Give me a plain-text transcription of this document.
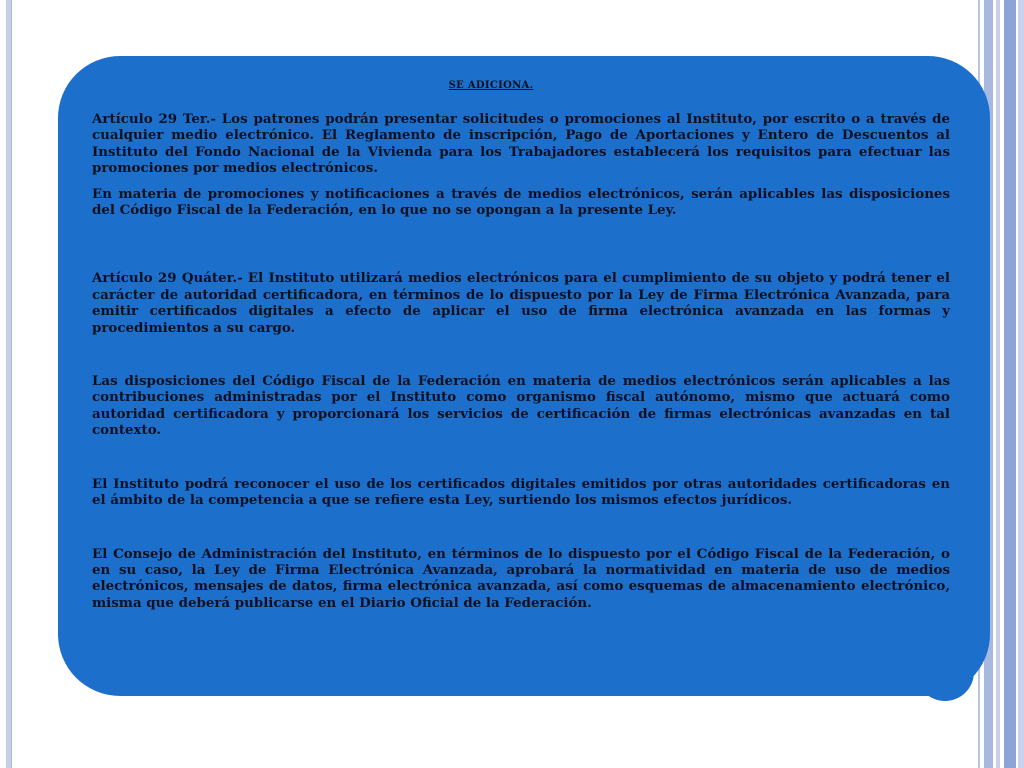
SE ADICIONA.

Artículo 29 Ter.- Los patrones podrán presentar solicitudes o promociones al Instituto, por escrito o a través de cualquier medio electrónico. El Reglamento de inscripción, Pago de Aportaciones y Entero de Descuentos al Instituto del Fondo Nacional de la Vivienda para los Trabajadores establecerá los requisitos para efectuar las promociones por medios electrónicos.

En materia de promociones y notificaciones a través de medios electrónicos, serán aplicables las disposiciones del Código Fiscal de la Federación, en lo que no se opongan a la presente Ley.

Artículo 29 Quáter.- El Instituto utilizará medios electrónicos para el cumplimiento de su objeto y podrá tener el carácter de autoridad certificadora, en términos de lo dispuesto por la Ley de Firma Electrónica Avanzada, para emitir certificados digitales a efecto de aplicar el uso de firma electrónica avanzada en las formas y procedimientos a su cargo.

Las disposiciones del Código Fiscal de la Federación en materia de medios electrónicos serán aplicables a las contribuciones administradas por el Instituto como organismo fiscal autónomo, mismo que actuará como autoridad certificadora y proporcionará los servicios de certificación de firmas electrónicas avanzadas en tal contexto.

El Instituto podrá reconocer el uso de los certificados digitales emitidos por otras autoridades certificadoras en el ámbito de la competencia a que se refiere esta Ley, surtiendo los mismos efectos jurídicos.

El Consejo de Administración del Instituto, en términos de lo dispuesto por el Código Fiscal de la Federación, o en su caso, la Ley de Firma Electrónica Avanzada, aprobará la normatividad en materia de uso de medios electrónicos, mensajes de datos, firma electrónica avanzada, así como esquemas de almacenamiento electrónico, misma que deberá publicarse en el Diario Oficial de la Federación.
